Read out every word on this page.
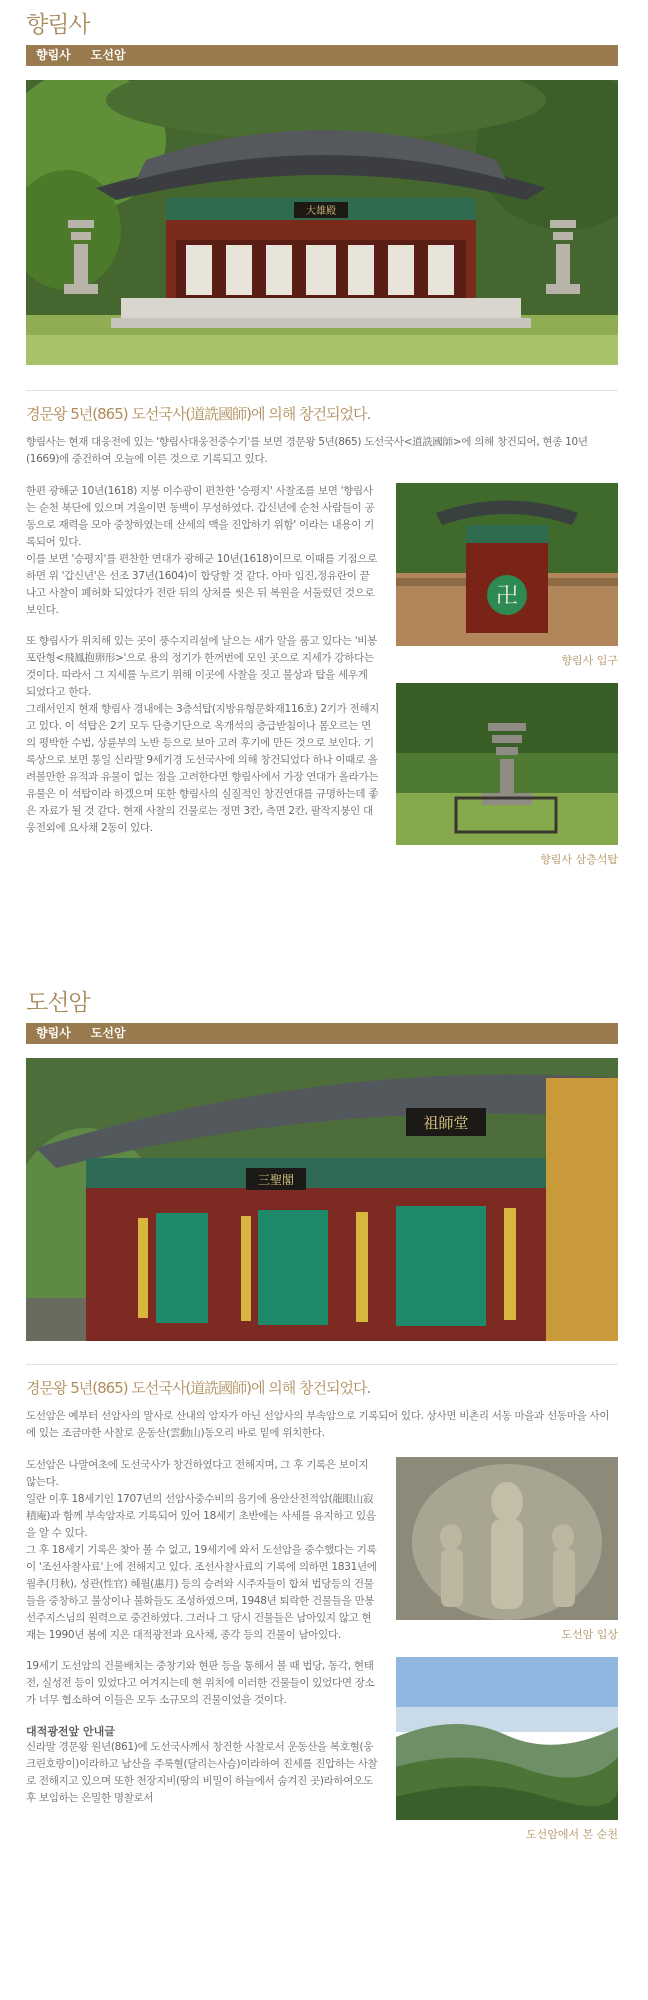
향림사
향림사	도선암
大雄殿
경문왕 5년(865) 도선국사(道詵國師)에 의해 창건되었다.

향림사는 현재 대웅전에 있는 '향림사대웅전중수기'를 보면 경문왕 5년(865) 도선국사<道詵國師>에 의해 창건되어, 현종 10년(1669)에 중건하여 오늘에 이른 것으로 기록되고 있다.

한편 광해군 10년(1618) 지봉 이수광이 편찬한 '승평지' 사찰조를 보면 '향림사는 순천 북단에 있으며 겨울이면 동백이 무성하였다. 갑신년에 순천 사람들이 공동으로 재력을 모아 중창하였는데 산세의 맥을 진압하기 위함' 이라는 내용이 기록되어 있다.

이를 보면 '승평지'를 편찬한 연대가 광해군 10년(1618)이므로 이때를 기점으로 하면 위 '갑신년'은 선조 37년(1604)이 합당할 것 같다. 아마 임진,정유란이 끝나고 사찰이 폐허화 되었다가 전란 뒤의 상처를 씻은 뒤 복원을 서둘렀던 것으로 보인다.

또 향림사가 위치해 있는 곳이 풍수지리설에 날으는 새가 알을 품고 있다는 '비봉포란형<飛鳳抱卵形>'으로 용의 정기가 한꺼번에 모인 곳으로 지세가 강하다는 것이다. 따라서 그 지세를 누르기 위해 이곳에 사찰을 짓고 불상과 탑을 세우게 되었다고 한다.

그래서인지 현재 향림사 경내에는 3층석탑(지방유형문화재116호) 2기가 전해지고 있다. 이 석탑은 2기 모두 단층기단으로 옥개석의 층급받침이나 몸오르는 면의 평박한 수법, 상륜부의 노반 등으로 보아 고려 후기에 만든 것으로 보인다. 기록상으로 보면 통일 신라말 9세기경 도선국사에 의해 창건되었다 하나 이때로 올려볼만한 유적과 유물이 없는 점을 고려한다면 향림사에서 가장 연대가 올라가는 유물은 이 석탑이라 하겠으며 또한 향림사의 실질적인 창건연대를 규명하는데 좋은 자료가 될 것 같다. 현재 사찰의 건물로는 정면 3칸, 측면 2칸, 팔작지붕인 대웅전외에 요사채 2동이 있다.

卍
향림사 입구
향림사 삼층석탑
도선암
향림사	도선암
三聖閣
祖師堂
경문왕 5년(865) 도선국사(道詵國師)에 의해 창건되었다.

도선암은 예부터 선암사의 말사로 산내의 암자가 아닌 선암사의 부속암으로 기록되어 있다. 상사면 비촌리 서동 마을과 선동마을 사이에 있는 조금마한 사찰로 운동산(雲動山)동오리 바로 밑에 위치한다.

도선암은 나말여초에 도선국사가 창건하였다고 전해지며, 그 후 기록은 보이지 않는다.

일란 이후 18세기인 1707년의 선암사중수비의 음기에 용안산전적암(龍眼山寂積庵)과 함께 부속암자로 기록되어 있어 18세기 초반에는 사세를 유지하고 있음을 알 수 있다.

그 후 18세기 기록은 찾아 볼 수 없고, 19세기에 와서 도선암을 중수했다는 기록이 '조선사찰사료'上에 전해지고 있다. 조선사찰사료의 기록에 의하면 1831년에 월추(月秋), 성관(性官) 혜월(惠月) 등의 승려와 시주자들이 합쳐 법당등의 건물들을 중창하고 불상이나 불화들도 조성하였으며, 1948년 퇴락한 건물들을 만봉선주지스님의 원력으로 중건하였다. 그러나 그 당시 건물들은 남아있지 않고 현재는 1990년 봄에 지은 대적광전과 요사채, 종각 등의 건물이 남아있다.

19세기 도선암의 건물배치는 중창기와 현판 등을 통해서 볼 때 법당, 동각, 현태전, 실성전 등이 있었다고 여겨지는데 현 위치에 이러한 건물들이 있었다면 장소가 너무 협소하여 이들은 모두 소규모의 건물이었을 것이다.

대적광전앞 안내글

신라말 경문왕 원년(861)에 도선국사께서 창건한 사찰로서 운동산을 복호혈(웅크린호랑이)이라하고 남산을 주룩혈(달리는사슴)이라하여 진세를 진압하는 사찰로 전해지고 있으며 또한 천장지비(땅의 비밀이 하늘에서 숨겨진 곳)라하여오도후 보임하는 은밀한 명찰로서

도선암 입상
도선암에서 본 순천
